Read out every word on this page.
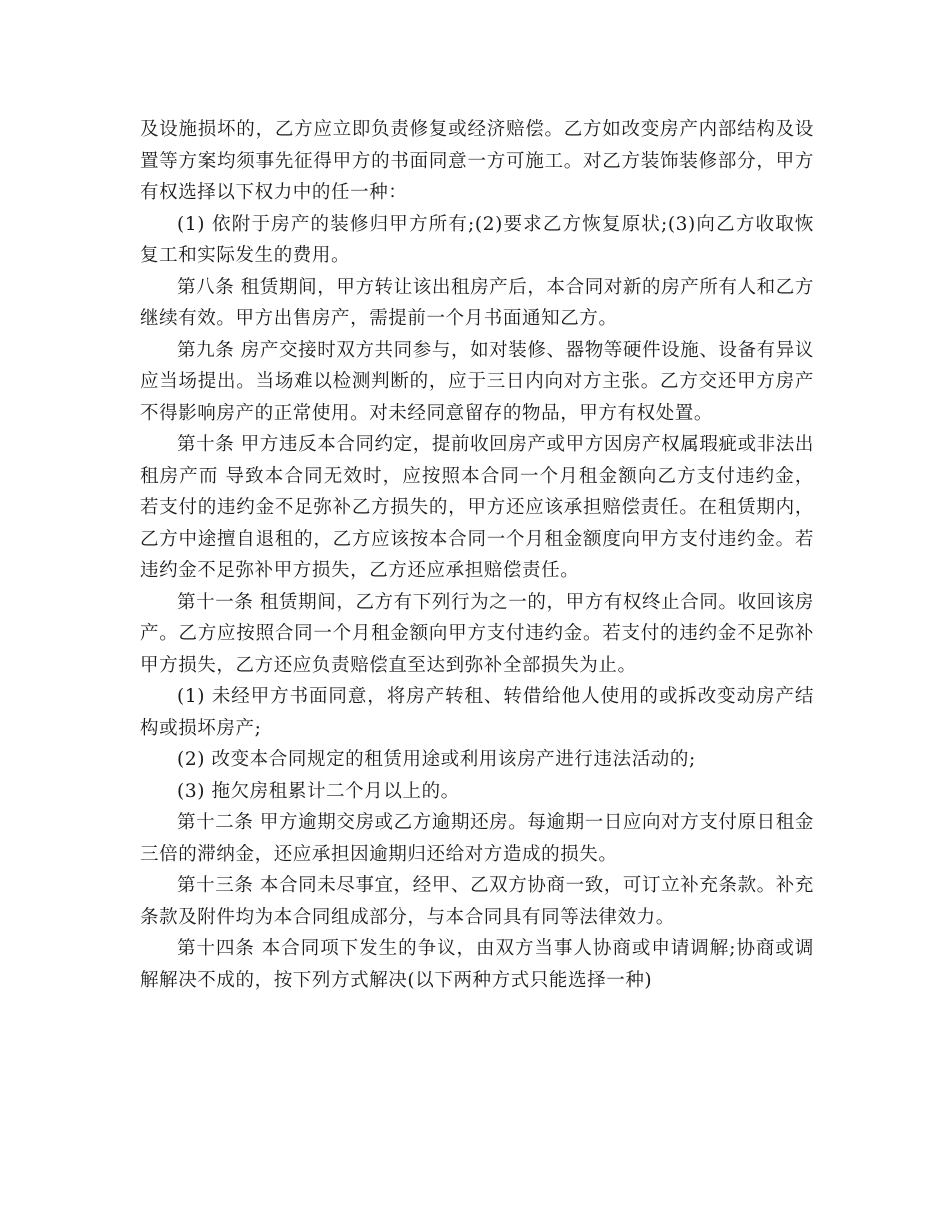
及设施损坏的，乙方应立即负责修复或经济赔偿。乙方如改变房产内部结构及设置等方案均须事先征得甲方的书面同意一方可施工。对乙方装饰装修部分，甲方有权选择以下权力中的任一种：

(1) 依附于房产的装修归甲方所有;(2)要求乙方恢复原状;(3)向乙方收取恢复工和实际发生的费用。

第八条 租赁期间，甲方转让该出租房产后，本合同对新的房产所有人和乙方继续有效。甲方出售房产，需提前一个月书面通知乙方。

第九条 房产交接时双方共同参与，如对装修、器物等硬件设施、设备有异议应当场提出。当场难以检测判断的，应于三日内向对方主张。乙方交还甲方房产不得影响房产的正常使用。对未经同意留存的物品，甲方有权处置。

第十条 甲方违反本合同约定，提前收回房产或甲方因房产权属瑕疵或非法出租房产而 导致本合同无效时，应按照本合同一个月租金额向乙方支付违约金，若支付的违约金不足弥补乙方损失的，甲方还应该承担赔偿责任。在租赁期内，乙方中途擅自退租的，乙方应该按本合同一个月租金额度向甲方支付违约金。若违约金不足弥补甲方损失，乙方还应承担赔偿责任。

第十一条 租赁期间，乙方有下列行为之一的，甲方有权终止合同。收回该房产。乙方应按照合同一个月租金额向甲方支付违约金。若支付的违约金不足弥补甲方损失，乙方还应负责赔偿直至达到弥补全部损失为止。

(1) 未经甲方书面同意，将房产转租、转借给他人使用的或拆改变动房产结构或损坏房产;

(2) 改变本合同规定的租赁用途或利用该房产进行违法活动的;

(3) 拖欠房租累计二个月以上的。

第十二条 甲方逾期交房或乙方逾期还房。每逾期一日应向对方支付原日租金三倍的滞纳金，还应承担因逾期归还给对方造成的损失。

第十三条 本合同未尽事宜，经甲、乙双方协商一致，可订立补充条款。补充条款及附件均为本合同组成部分，与本合同具有同等法律效力。

第十四条 本合同项下发生的争议，由双方当事人协商或申请调解;协商或调解解决不成的，按下列方式解决(以下两种方式只能选择一种)
